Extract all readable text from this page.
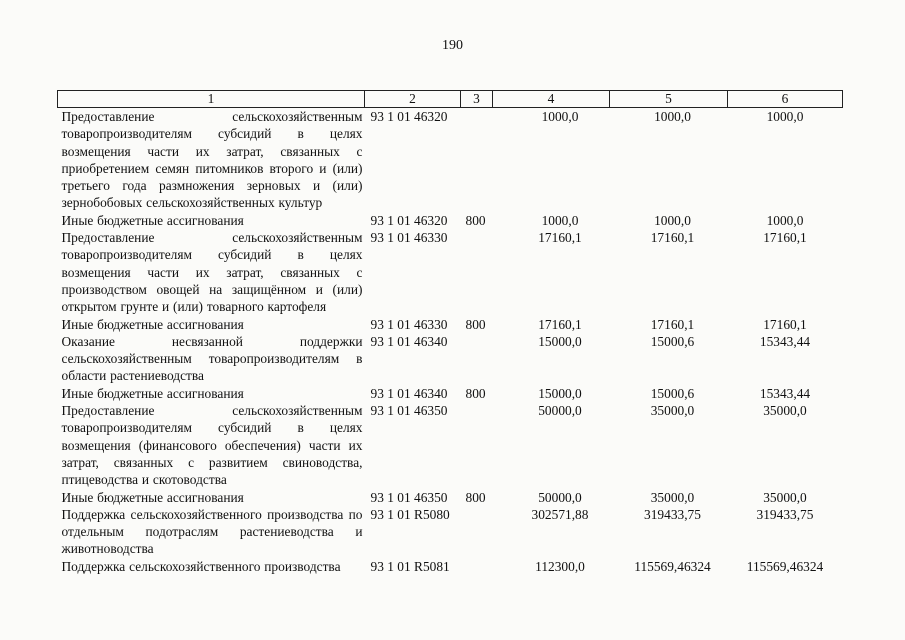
190
1	2	3	4	5	6
Предоставление сельскохозяйственным товаропроизводителям субсидий в целях возмещения части их затрат, связанных с приобретением семян питомников второго и (или) третьего года размножения зерновых и (или) зернобобовых сельскохозяйственных культур	93 1 01 46320		1000,0	1000,0	1000,0
Иные бюджетные ассигнования	93 1 01 46320	800	1000,0	1000,0	1000,0
Предоставление сельскохозяйственным товаропроизводителям субсидий в целях возмещения части их затрат, связанных с производством овощей на защищённом и (или) открытом грунте и (или) товарного картофеля	93 1 01 46330		17160,1	17160,1	17160,1
Иные бюджетные ассигнования	93 1 01 46330	800	17160,1	17160,1	17160,1
Оказание несвязанной поддержки сельскохозяйственным товаропроизводителям в области растениеводства	93 1 01 46340		15000,0	15000,6	15343,44
Иные бюджетные ассигнования	93 1 01 46340	800	15000,0	15000,6	15343,44
Предоставление сельскохозяйственным товаропроизводителям субсидий в целях возмещения (финансового обеспечения) части их затрат, связанных с развитием свиноводства, птицеводства и скотоводства	93 1 01 46350		50000,0	35000,0	35000,0
Иные бюджетные ассигнования	93 1 01 46350	800	50000,0	35000,0	35000,0
Поддержка сельскохозяйственного производства по отдельным подотраслям растениеводства и животноводства	93 1 01 R5080		302571,88	319433,75	319433,75
Поддержка сельскохозяйственного производства	93 1 01 R5081		112300,0	115569,46324	115569,46324
